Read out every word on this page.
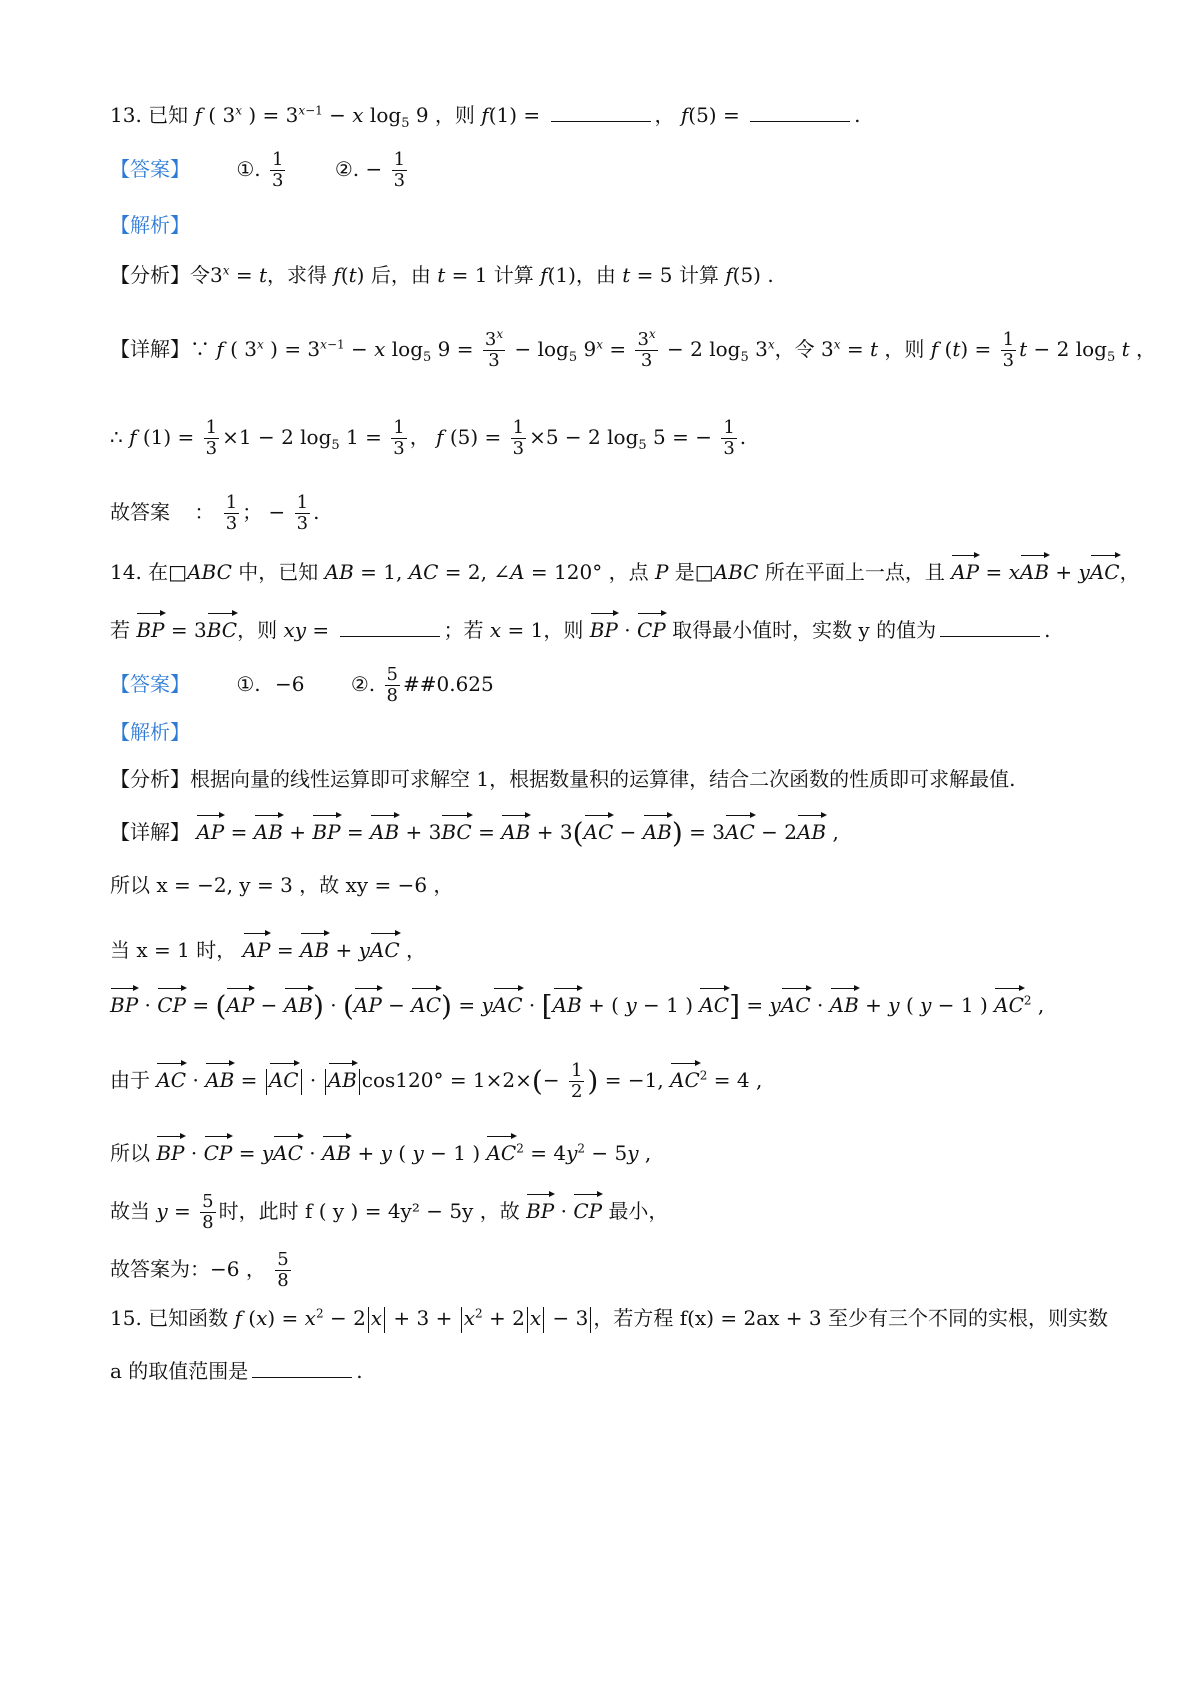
13. 已知 f ( 3$^x$ ) = $3^{x-1} - x$ $\log_5 9$ ，则 f(1) =	， f(5) =	.
【答案】 ①. $\frac{1}{3}$ ②. − $\frac{1}{3}$
【解析】
【分析】令$3^x = t$，求得 f(t) 后，由 t = 1 计算 f(1)，由 t = 5 计算 f(5) .
【详解】∵ f ( 3$^x$ ) = $3^{x-1} - x$ $\log_5 9 = \frac{3^x}{3} - \log_5 9^x = \frac{3^x}{3} - 2$ $\log_5 3^x$，令 $3^x = t$ ，则 f $(t) = \frac{1}{3}$ t − 2 $\log_5 t$ ，
∴ f $(1) = \frac{1}{3} \times 1 - 2$ $\log_5 1 = \frac{1}{3}$ ， f $(5) = \frac{1}{3} \times 5 - 2$ $\log_5 5$ = − $\frac{1}{3}$ .
故答案 ： $\frac{1}{3}$ ； − $\frac{1}{3}$ .
14. 在□ABC 中，已知 AB = 1, AC = 2, ∠A = 120° ，点 P 是□ABC 所在平面上一点，且 AP = xAB + yAC，
若 BP = 3BC，则 xy =	；若 x = 1，则 BP · CP 取得最小值时，实数 y 的值为	.
【答案】 ①. −6 ②. $\frac{5}{8}$ ##0.625
【解析】
【分析】根据向量的线性运算即可求解空 1，根据数量积的运算律，结合二次函数的性质即可求解最值.
【详解】 AP = AB + BP = AB + 3BC = AB + 3(AC − AB) = 3AC − 2AB ,
所以 x = −2, y = 3 ，故 xy = −6 ，
当 x = 1 时， AP = AB + yAC ，
BP · CP = (AP − AB) · (AP − AC) = yAC · [AB + ( y − 1 ) AC] = yAC · AB + y ( y − 1 ) $AC^2$ ,
由于 AC · AB = AC · AB $\cos 120^\circ = 1\times 2\times(- \frac{1}{2}$ ) = −1, $AC^2 = 4$ ,
所以 BP · CP = yAC · AB + y ( y − 1 ) $AC^2 = 4y^2 - 5y$ ,
故当 $y = \frac{5}{8}$ 时，此时 f ( y ) = 4y² − 5y ，故 BP · CP 最小，
故答案为：−6 ， $\frac{5}{8}$
15. 已知函数 f $(x) = x^2 - 2$ $x + 3 + x^2 + 2$ x − 3 ，若方程 f(x) = 2ax + 3 至少有三个不同的实根，则实数
a 的取值范围是	.
